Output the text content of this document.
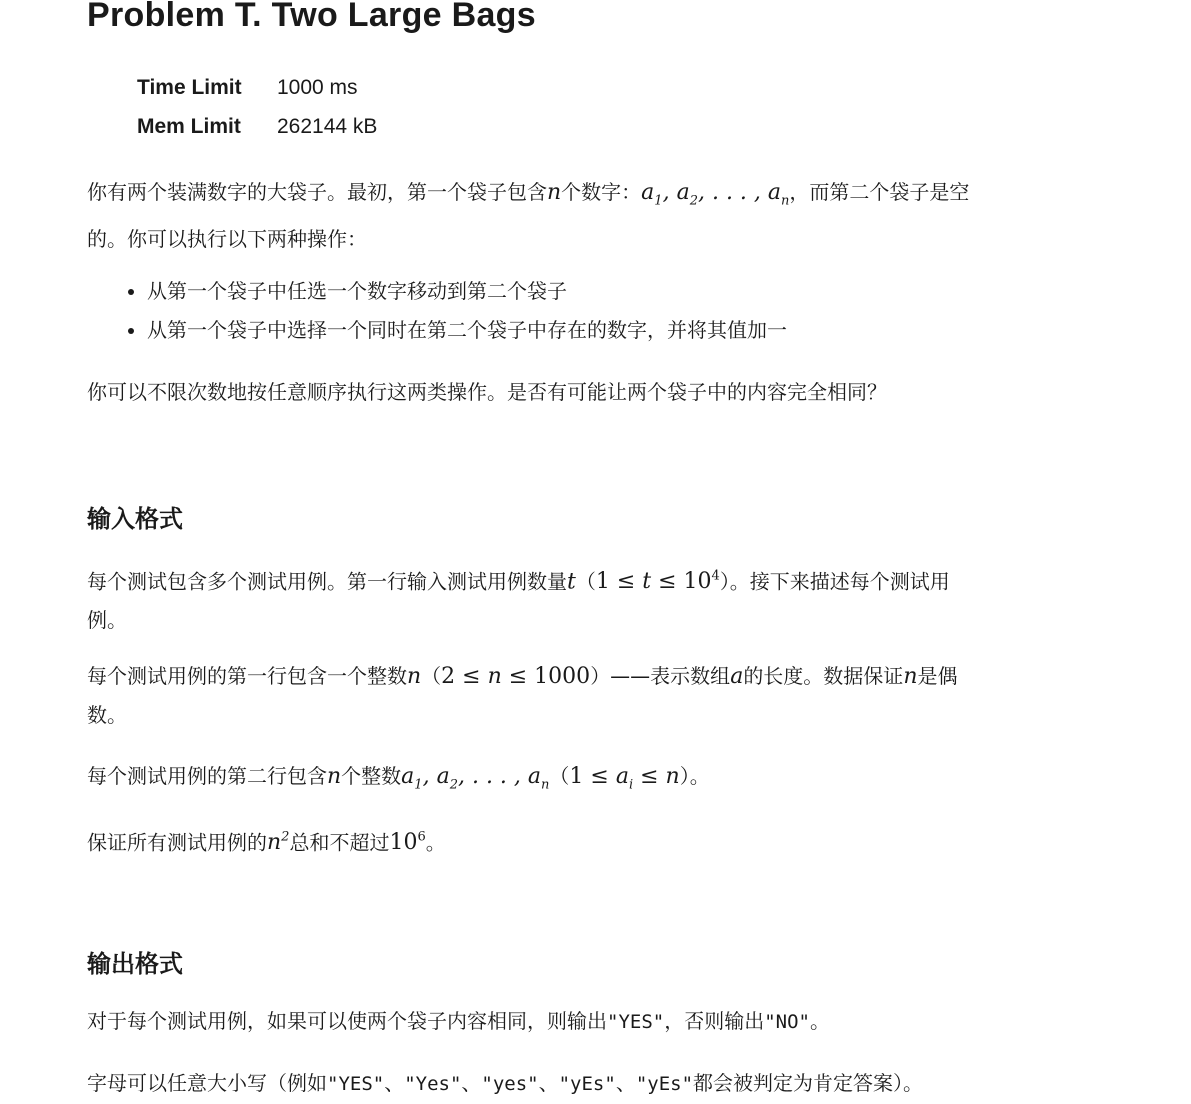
Problem T. Two Large Bags
Time Limit 1000 ms
Mem Limit 262144 kB
你有两个装满数字的大袋子。最初，第一个袋子包含n个数字：$a_1$, $a_2$, . . . , $a_n$，而第二个袋子是空
的。你可以执行以下两种操作：
• 从第一个袋子中任选一个数字移动到第二个袋子
• 从第一个袋子中选择一个同时在第二个袋子中存在的数字，并将其值加一
你可以不限次数地按任意顺序执行这两类操作。是否有可能让两个袋子中的内容完全相同？
输入格式
每个测试包含多个测试用例。第一行输入测试用例数量$t(1 \le t \le 10^4)$。接下来描述每个测试用
例。
每个测试用例的第一行包含一个整数n（2 ≤ n ≤ 1000）——表示数组a的长度。数据保证n是偶
数。
每个测试用例的第二行包含n个整数$a_1$, $a_2$, . . . , $a_n(1 \le a_i \le n)$。
保证所有测试用例的$n^2$总和不超过$10^6$。
输出格式
对于每个测试用例，如果可以使两个袋子内容相同，则输出"YES"，否则输出"NO"。
字母可以任意大小写（例如"YES"、"Yes"、"yes"、"yEs"、"yEs"都会被判定为肯定答案）。
